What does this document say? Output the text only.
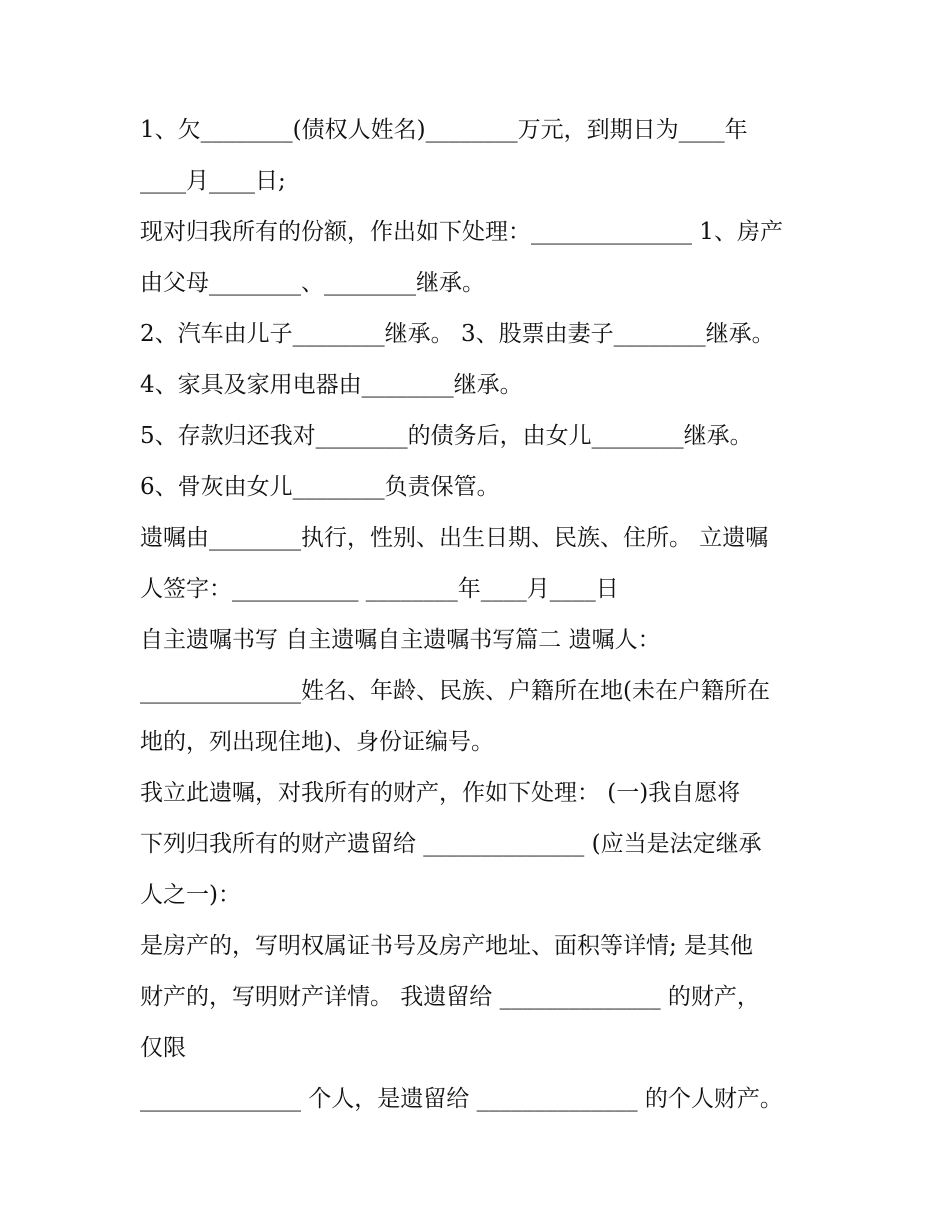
1、欠________(债权人姓名)________万元，到期日为____年
____月____日;
现对归我所有的份额，作出如下处理：______________ 1、房产
由父母________、________继承。
2、汽车由儿子________继承。 3、股票由妻子________继承。
4、家具及家用电器由________继承。
5、存款归还我对________的债务后，由女儿________继承。
6、骨灰由女儿________负责保管。
遗嘱由________执行，性别、出生日期、民族、住所。 立遗嘱
人签字：___________ ________年____月____日
自主遗嘱书写 自主遗嘱自主遗嘱书写篇二 遗嘱人：
______________姓名、年龄、民族、户籍所在地(未在户籍所在
地的，列出现住地)、身份证编号。
我立此遗嘱，对我所有的财产，作如下处理： (一)我自愿将
下列归我所有的财产遗留给 ______________ (应当是法定继承
人之一)：
是房产的，写明权属证书号及房产地址、面积等详情; 是其他
财产的，写明财产详情。 我遗留给 ______________ 的财产，
仅限
______________ 个人，是遗留给 ______________ 的个人财产。
